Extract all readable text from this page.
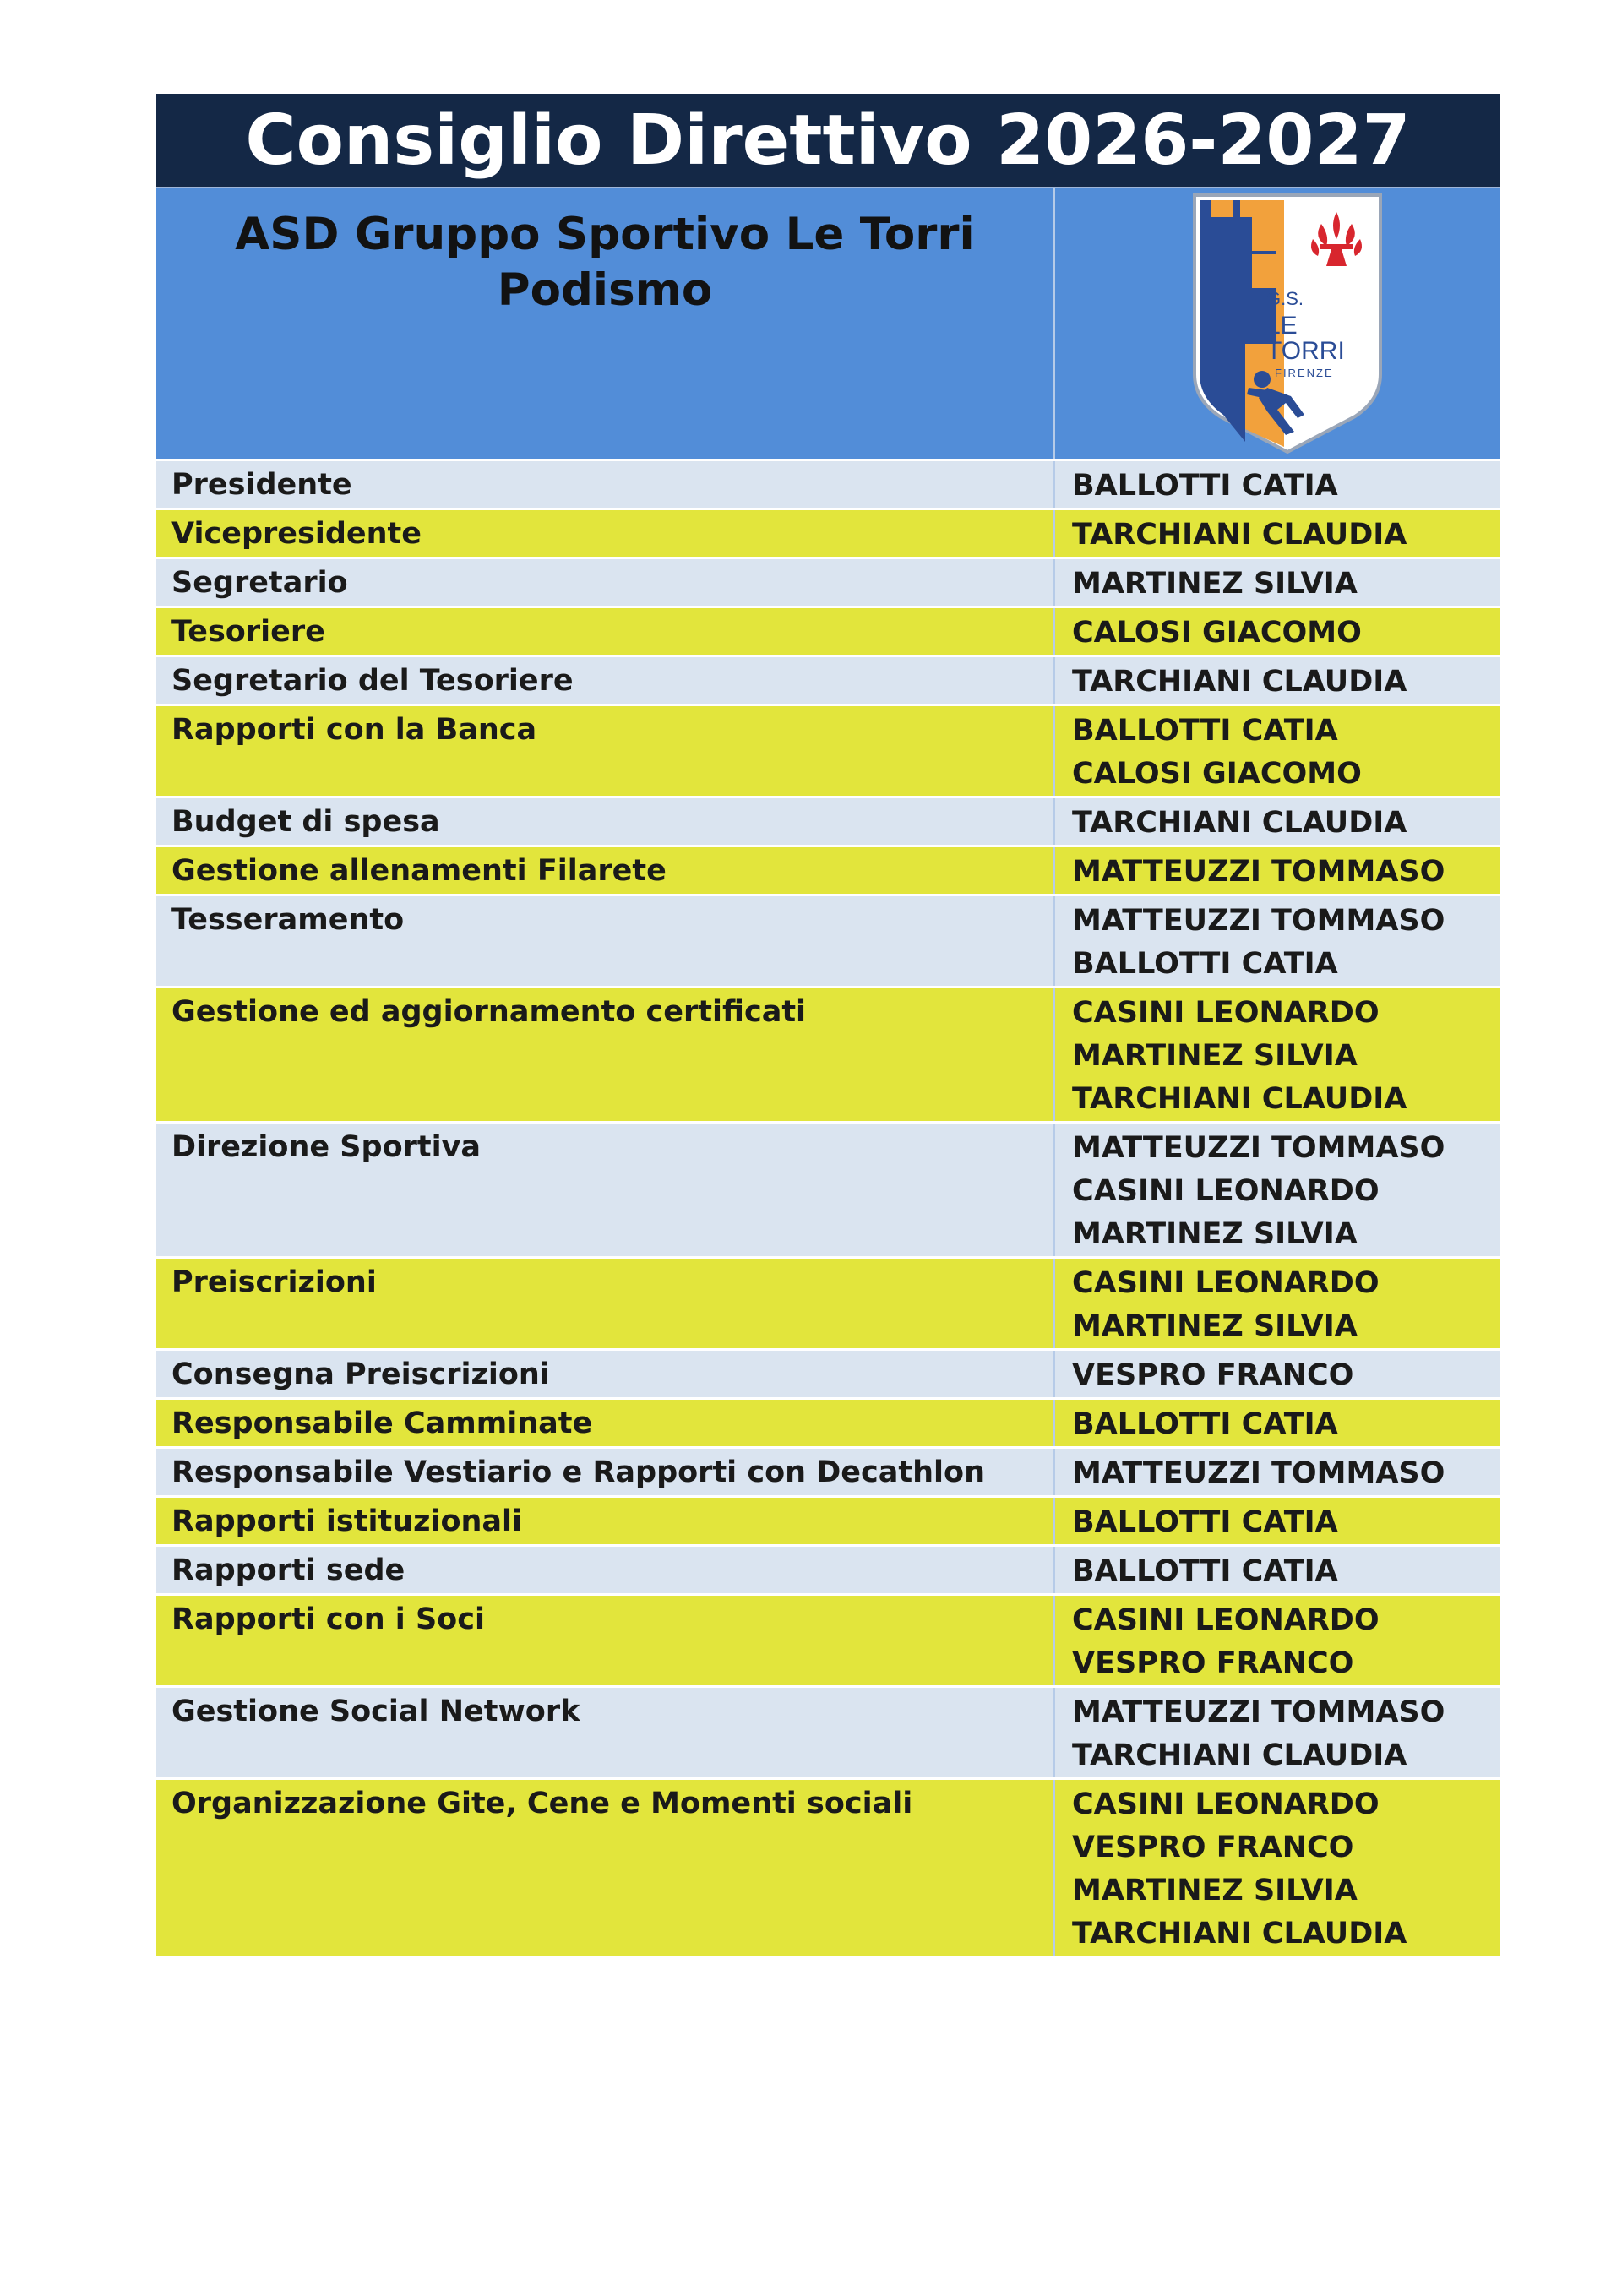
Consiglio Direttivo 2026-2027
ASD Gruppo Sportivo Le Torri
Podismo	G.S.
LE TORRI
FIRENZE
Presidente	BALLOTTI CATIA
Vicepresidente	TARCHIANI CLAUDIA
Segretario	MARTINEZ SILVIA
Tesoriere	CALOSI GIACOMO
Segretario del Tesoriere	TARCHIANI CLAUDIA
Rapporti con la Banca	BALLOTTI CATIA
CALOSI GIACOMO
Budget di spesa	TARCHIANI CLAUDIA
Gestione allenamenti Filarete	MATTEUZZI TOMMASO
Tesseramento	MATTEUZZI TOMMASO
BALLOTTI CATIA
Gestione ed aggiornamento certificati	CASINI LEONARDO
MARTINEZ SILVIA
TARCHIANI CLAUDIA
Direzione Sportiva	MATTEUZZI TOMMASO
CASINI LEONARDO
MARTINEZ SILVIA
Preiscrizioni	CASINI LEONARDO
MARTINEZ SILVIA
Consegna Preiscrizioni	VESPRO FRANCO
Responsabile Camminate	BALLOTTI CATIA
Responsabile Vestiario e Rapporti con Decathlon	MATTEUZZI TOMMASO
Rapporti istituzionali	BALLOTTI CATIA
Rapporti sede	BALLOTTI CATIA
Rapporti con i Soci	CASINI LEONARDO
VESPRO FRANCO
Gestione Social Network	MATTEUZZI TOMMASO
TARCHIANI CLAUDIA
Organizzazione Gite, Cene e Momenti sociali	CASINI LEONARDO
VESPRO FRANCO
MARTINEZ SILVIA
TARCHIANI CLAUDIA
